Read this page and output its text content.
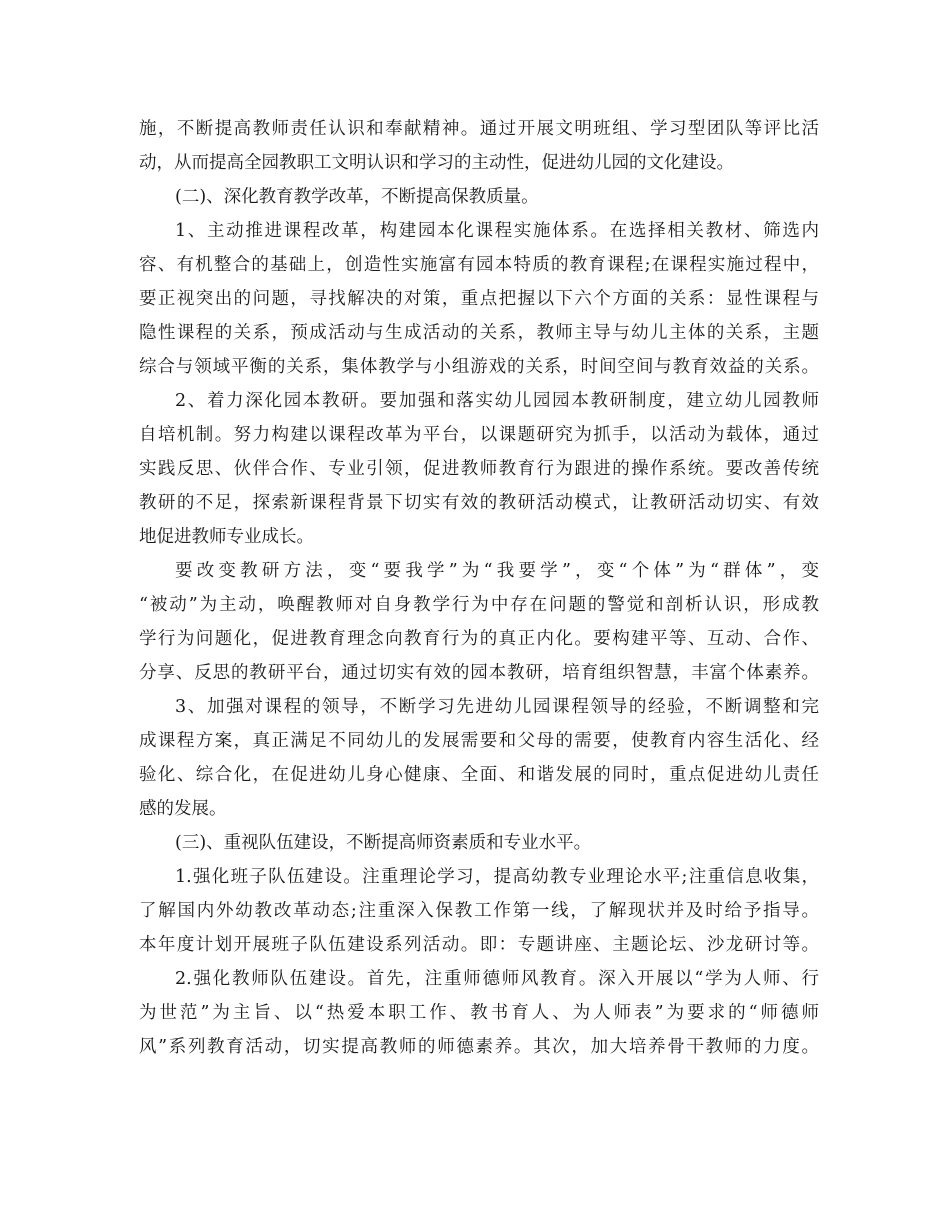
施，不断提高教师责任认识和奉献精神。通过开展文明班组、学习型团队等评比活
动，从而提高全园教职工文明认识和学习的主动性，促进幼儿园的文化建设。
(二)、深化教育教学改革，不断提高保教质量。
1、主动推进课程改革，构建园本化课程实施体系。在选择相关教材、筛选内
容、有机整合的基础上，创造性实施富有园本特质的教育课程;在课程实施过程中，
要正视突出的问题，寻找解决的对策，重点把握以下六个方面的关系：显性课程与
隐性课程的关系，预成活动与生成活动的关系，教师主导与幼儿主体的关系，主题
综合与领域平衡的关系，集体教学与小组游戏的关系，时间空间与教育效益的关系。
2、着力深化园本教研。要加强和落实幼儿园园本教研制度，建立幼儿园教师
自培机制。努力构建以课程改革为平台，以课题研究为抓手，以活动为载体，通过
实践反思、伙伴合作、专业引领，促进教师教育行为跟进的操作系统。要改善传统
教研的不足，探索新课程背景下切实有效的教研活动模式，让教研活动切实、有效
地促进教师专业成长。
要改变教研方法，变“要我学”为“我要学”，变“个体”为“群体”，变
“被动”为主动，唤醒教师对自身教学行为中存在问题的警觉和剖析认识，形成教
学行为问题化，促进教育理念向教育行为的真正内化。要构建平等、互动、合作、
分享、反思的教研平台，通过切实有效的园本教研，培育组织智慧，丰富个体素养。
3、加强对课程的领导，不断学习先进幼儿园课程领导的经验，不断调整和完
成课程方案，真正满足不同幼儿的发展需要和父母的需要，使教育内容生活化、经
验化、综合化，在促进幼儿身心健康、全面、和谐发展的同时，重点促进幼儿责任
感的发展。
(三)、重视队伍建设，不断提高师资素质和专业水平。
1.强化班子队伍建设。注重理论学习，提高幼教专业理论水平;注重信息收集，
了解国内外幼教改革动态;注重深入保教工作第一线，了解现状并及时给予指导。
本年度计划开展班子队伍建设系列活动。即：专题讲座、主题论坛、沙龙研讨等。
2.强化教师队伍建设。首先，注重师德师风教育。深入开展以“学为人师、行
为世范”为主旨、以“热爱本职工作、教书育人、为人师表”为要求的“师德师
风”系列教育活动，切实提高教师的师德素养。其次，加大培养骨干教师的力度。
